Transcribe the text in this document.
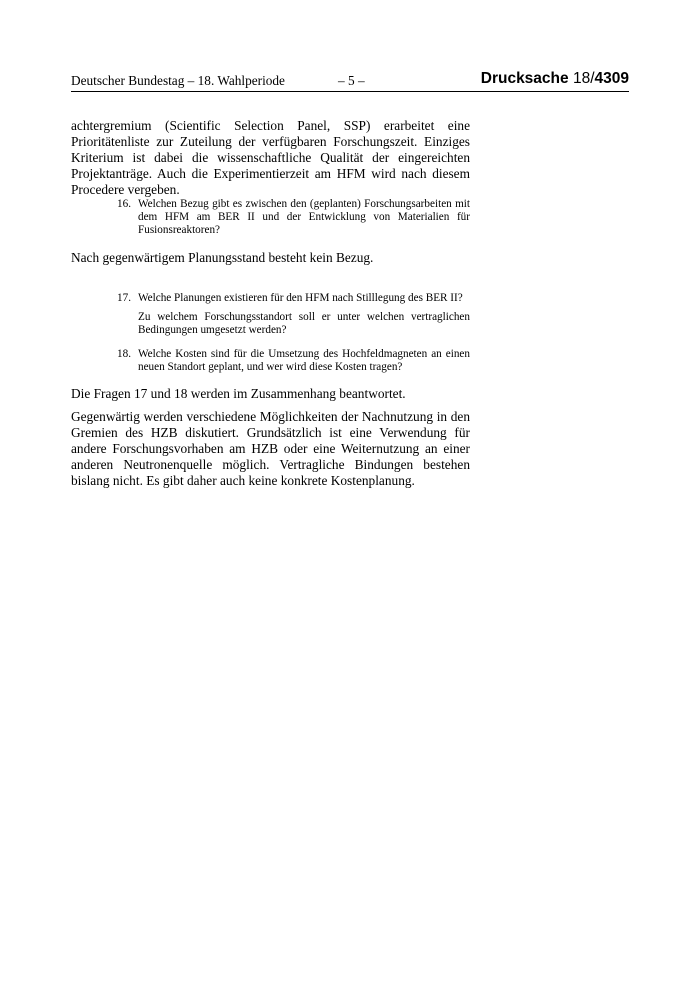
Deutscher Bundestag – 18. Wahlperiode	– 5 –	Drucksache 18/4309

achtergremium (Scientific Selection Panel, SSP) erarbeitet eine Prioritätenliste zur Zuteilung der verfügbaren Forschungszeit. Einziges Kriterium ist dabei die wissenschaftliche Qualität der eingereichten Projektanträge. Auch die Experimentierzeit am HFM wird nach diesem Procedere vergeben.

16. Welchen Bezug gibt es zwischen den (geplanten) Forschungsarbeiten mit dem HFM am BER II und der Entwicklung von Materialien für Fusionsreaktoren?

Nach gegenwärtigem Planungsstand besteht kein Bezug.

17. Welche Planungen existieren für den HFM nach Stilllegung des BER II?
Zu welchem Forschungsstandort soll er unter welchen vertraglichen Bedingungen umgesetzt werden?
18. Welche Kosten sind für die Umsetzung des Hochfeldmagneten an einen neuen Standort geplant, und wer wird diese Kosten tragen?

Die Fragen 17 und 18 werden im Zusammenhang beantwortet.

Gegenwärtig werden verschiedene Möglichkeiten der Nachnutzung in den Gremien des HZB diskutiert. Grundsätzlich ist eine Verwendung für andere Forschungsvorhaben am HZB oder eine Weiternutzung an einer anderen Neutronenquelle möglich. Vertragliche Bindungen bestehen bislang nicht. Es gibt daher auch keine konkrete Kostenplanung.
